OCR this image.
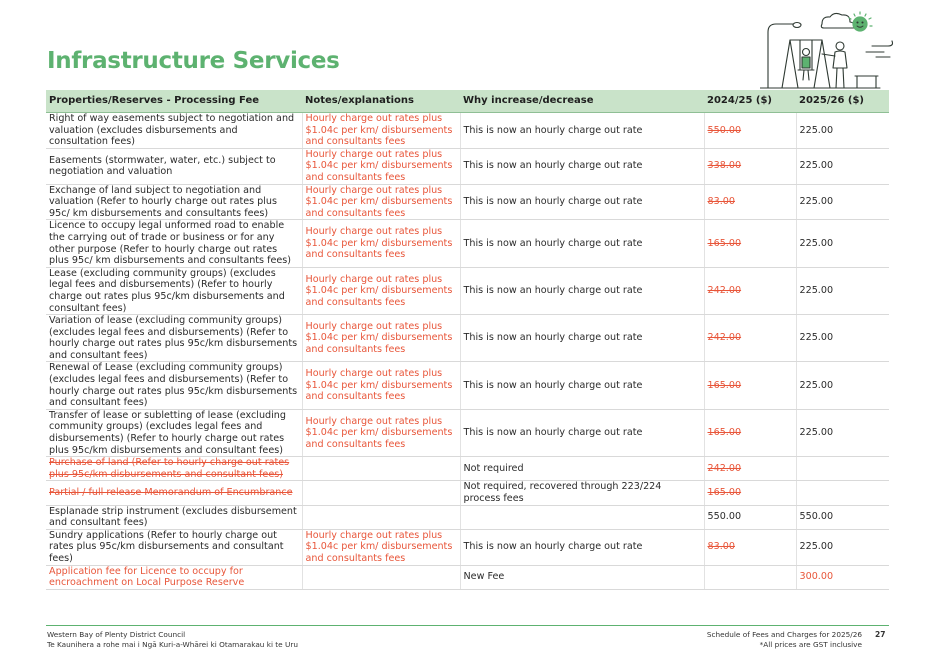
Infrastructure Services
Properties/Reserves - Processing Fee	Notes/explanations	Why increase/decrease	2024/25 ($)	2025/26 ($)
Right of way easements subject to negotiation and valuation (excludes disbursements and consultation fees)	Hourly charge out rates plus $1.04c per km/ disbursements and consultants fees	This is now an hourly charge out rate	550.00	225.00
Easements (stormwater, water, etc.) subject to negotiation and valuation	Hourly charge out rates plus $1.04c per km/ disbursements and consultants fees	This is now an hourly charge out rate	338.00	225.00
Exchange of land subject to negotiation and valuation (Refer to hourly charge out rates plus 95c/ km disbursements and consultants fees)	Hourly charge out rates plus $1.04c per km/ disbursements and consultants fees	This is now an hourly charge out rate	83.00	225.00
Licence to occupy legal unformed road to enable the carrying out of trade or business or for any other purpose (Refer to hourly charge out rates plus 95c/ km disbursements and consultants fees)	Hourly charge out rates plus $1.04c per km/ disbursements and consultants fees	This is now an hourly charge out rate	165.00	225.00
Lease (excluding community groups) (excludes legal fees and disbursements) (Refer to hourly charge out rates plus 95c/km disbursements and consultant fees)	Hourly charge out rates plus $1.04c per km/ disbursements and consultants fees	This is now an hourly charge out rate	242.00	225.00
Variation of lease (excluding community groups) (excludes legal fees and disbursements) (Refer to hourly charge out rates plus 95c/km disbursements and consultant fees)	Hourly charge out rates plus $1.04c per km/ disbursements and consultants fees	This is now an hourly charge out rate	242.00	225.00
Renewal of Lease (excluding community groups) (excludes legal fees and disbursements) (Refer to hourly charge out rates plus 95c/km disbursements and consultant fees)	Hourly charge out rates plus $1.04c per km/ disbursements and consultants fees	This is now an hourly charge out rate	165.00	225.00
Transfer of lease or subletting of lease (excluding community groups) (excludes legal fees and disbursements) (Refer to hourly charge out rates plus 95c/km disbursements and consultant fees)	Hourly charge out rates plus $1.04c per km/ disbursements and consultants fees	This is now an hourly charge out rate	165.00	225.00
Purchase of land (Refer to hourly charge out rates plus 95c/km disbursements and consultant fees)		Not required	242.00	
Partial / full release Memorandum of Encumbrance		Not required, recovered through 223/224 process fees	165.00	
Esplanade strip instrument (excludes disbursement and consultant fees)			550.00	550.00
Sundry applications (Refer to hourly charge out rates plus 95c/km disbursements and consultant fees)	Hourly charge out rates plus $1.04c per km/ disbursements and consultants fees	This is now an hourly charge out rate	83.00	225.00
Application fee for Licence to occupy for encroachment on Local Purpose Reserve		New Fee		300.00
Western Bay of Plenty District Council
Te Kaunihera a rohe mai i Ngā Kuri-a-Whārei ki Otamarakau ki te Uru
Schedule of Fees and Charges for 2025/26
*All prices are GST inclusive
27
